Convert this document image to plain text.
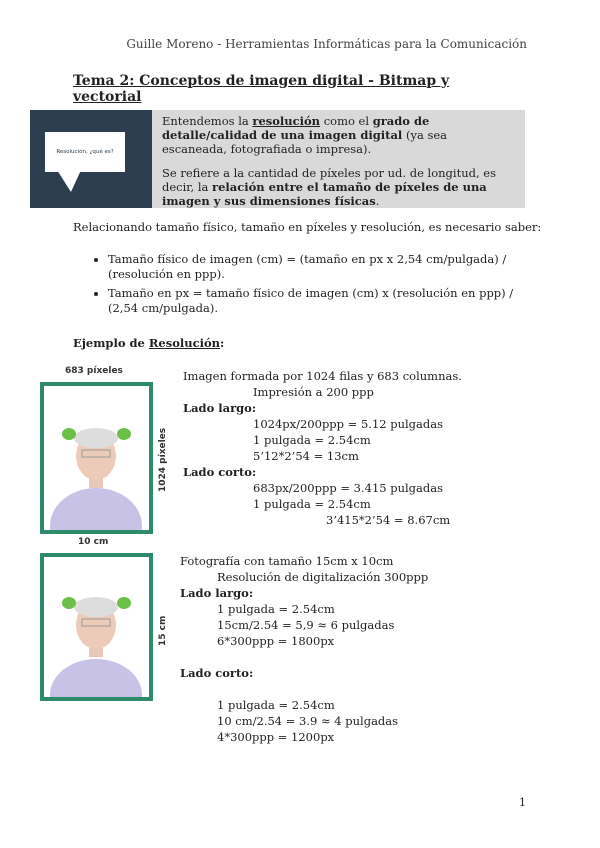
Guille Moreno - Herramientas Informáticas para la Comunicación
Tema 2: Conceptos de imagen digital - Bitmap y vectorial
Resolución, ¿qué es?

Entendemos la resolución como el grado de detalle/calidad de una imagen digital (ya sea escaneada, fotografiada o impresa).

Se refiere a la cantidad de píxeles por ud. de longitud, es decir, la relación entre el tamaño de píxeles de una imagen y sus dimensiones físicas.

Relacionando tamaño físico, tamaño en píxeles y resolución, es necesario saber:
• Tamaño físico de imagen (cm) = (tamaño en px x 2,54 cm/pulgada) / (resolución en ppp).
• Tamaño en px = tamaño físico de imagen (cm) x (resolución en ppp) / (2,54 cm/pulgada).
Ejemplo de Resolución:
683 píxeles
1024 píxeles
10 cm
Imagen formada por 1024 filas y 683 columnas.
Impresión a 200 ppp
Lado largo:
1024px/200ppp = 5.12 pulgadas
1 pulgada = 2.54cm
5’12*2’54 = 13cm
Lado corto:
683px/200ppp = 3.415 pulgadas
1 pulgada = 2.54cm
3’415*2’54 = 8.67cm
15 cm
Fotografía con tamaño 15cm x 10cm
Resolución de digitalización 300ppp
Lado largo:
1 pulgada = 2.54cm
15cm/2.54 = 5,9 ≈ 6 pulgadas
6*300ppp = 1800px
Lado corto:
1 pulgada = 2.54cm
10 cm/2.54 = 3.9 ≈ 4 pulgadas
4*300ppp = 1200px
1
